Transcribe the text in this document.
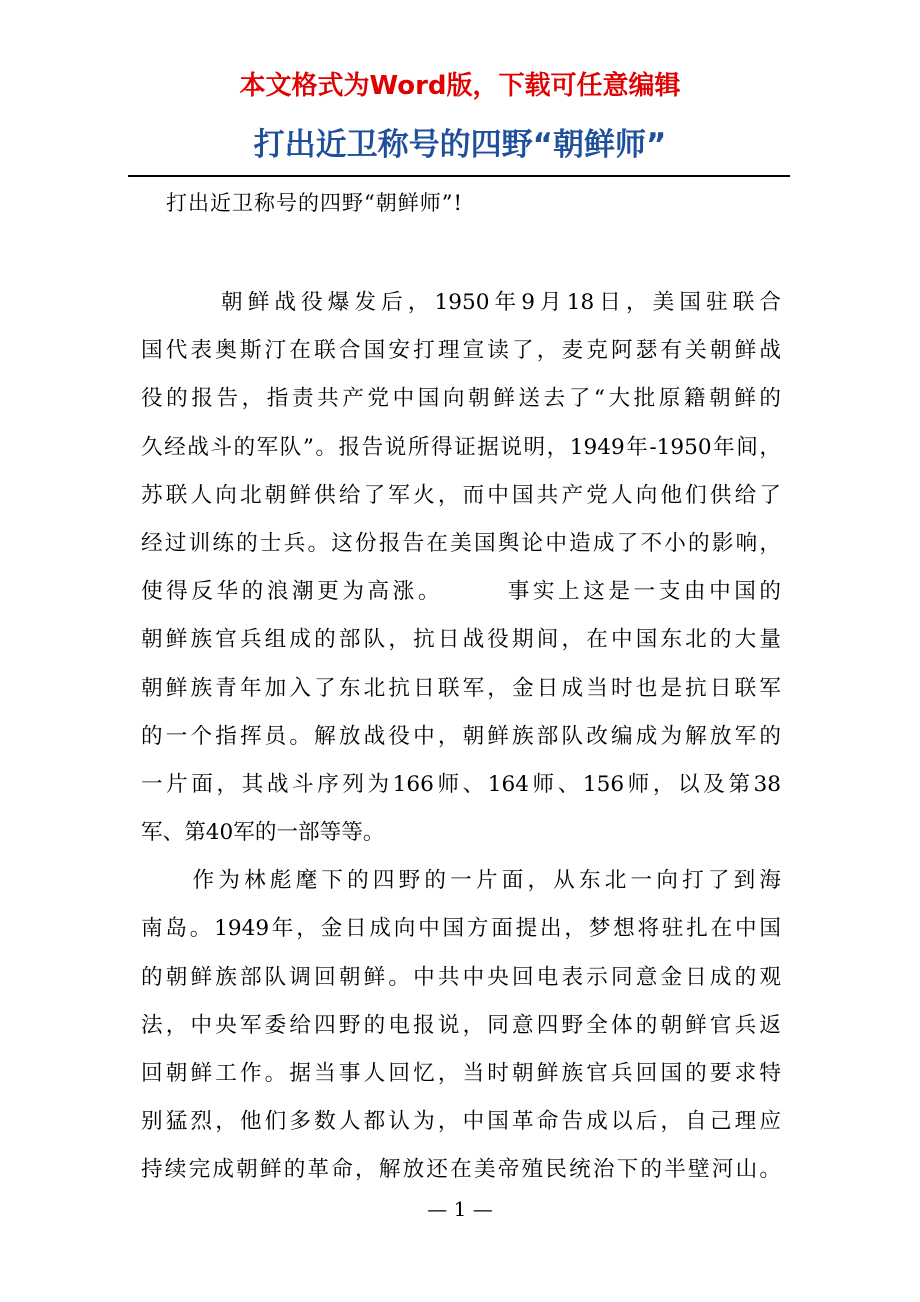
本文格式为Word版，下载可任意编辑
打出近卫称号的四野“朝鲜师”
打出近卫称号的四野“朝鲜师”!
　　　朝鲜战役爆发后，1950年9月18日，美国驻联合
国代表奥斯汀在联合国安打理宣读了，麦克阿瑟有关朝鲜战
役的报告，指责共产党中国向朝鲜送去了“大批原籍朝鲜的
久经战斗的军队”。报告说所得证据说明，1949年-1950年间，
苏联人向北朝鲜供给了军火，而中国共产党人向他们供给了
经过训练的士兵。这份报告在美国舆论中造成了不小的影响，
使得反华的浪潮更为高涨。　　　事实上这是一支由中国的
朝鲜族官兵组成的部队，抗日战役期间，在中国东北的大量
朝鲜族青年加入了东北抗日联军，金日成当时也是抗日联军
的一个指挥员。解放战役中，朝鲜族部队改编成为解放军的
一片面，其战斗序列为166师、164师、156师，以及第38
军、第40军的一部等等。
　　作为林彪麾下的四野的一片面，从东北一向打了到海
南岛。1949年，金日成向中国方面提出，梦想将驻扎在中国
的朝鲜族部队调回朝鲜。中共中央回电表示同意金日成的观
法，中央军委给四野的电报说，同意四野全体的朝鲜官兵返
回朝鲜工作。据当事人回忆，当时朝鲜族官兵回国的要求特
别猛烈，他们多数人都认为，中国革命告成以后，自己理应
持续完成朝鲜的革命，解放还在美帝殖民统治下的半壁河山。
— 1 —
